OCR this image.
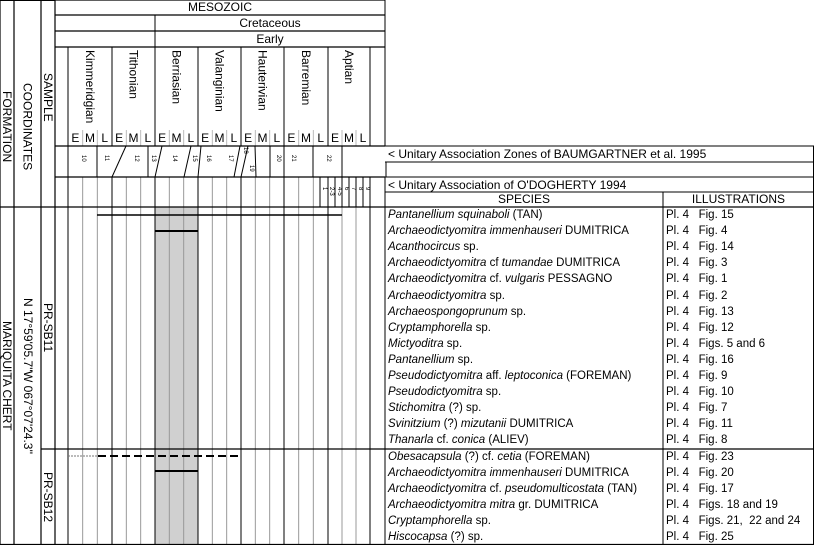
FORMATION COORDINATES SAMPLE
MESOZOIC
Cretaceous
Early
Kimmeridgian
E M L
Tithonian
E M L
Berriasian
E M L
Valanginian
E M L
Hauterivian
E M L
Barremian
E M L
Aptian
E M L
10	11	12 13	14 15 16	17
18
19
20 21	22
1 2-3 4-5 6 7 8 9
< Unitary Association Zones of BAUMGARTNER et al. 1995
< Unitary Association of O'DOGHERTY 1994
SPECIES	ILLUSTRATIONS
MARIQUITA CHERT N 17°59'05.7''
W 067°07'24.3''
PR-SB11
PR-SB12
Pantanellium squinaboli (TAN)	Pl. 4   Fig. 15
Archaeodictyomitra immenhauseri DUMITRICA	Pl. 4   Fig. 4
Acanthocircus sp.	Pl. 4   Fig. 14
Archaeodictyomitra cf tumandae DUMITRICA	Pl. 4   Fig. 3
Archaeodictyomitra cf. vulgaris PESSAGNO	Pl. 4   Fig. 1
Archaeodictyomitra sp.	Pl. 4   Fig. 2
Archaeospongoprunum sp.	Pl. 4   Fig. 13
Cryptamphorella sp.	Pl. 4   Fig. 12
Mictyoditra sp.	Pl. 4   Figs. 5 and 6
Pantanellium sp.	Pl. 4   Fig. 16
Pseudodictyomitra aff. leptoconica (FOREMAN)	Pl. 4   Fig. 9
Pseudodictyomitra sp.	Pl. 4   Fig. 10
Stichomitra (?) sp.	Pl. 4   Fig. 7
Svinitzium (?) mizutanii DUMITRICA	Pl. 4   Fig. 11
Thanarla cf. conica (ALIEV)	Pl. 4   Fig. 8
Obesacapsula (?) cf. cetia (FOREMAN)	Pl. 4   Fig. 23
Archaeodictyomitra immenhauseri DUMITRICA	Pl. 4   Fig. 20
Archaeodictyomitra cf. pseudomulticostata (TAN)	Pl. 4   Fig. 17
Archaeodictyomitra mitra gr. DUMITRICA	Pl. 4   Figs. 18 and 19
Cryptamphorella sp.	Pl. 4   Figs. 21,  22 and 24
Hiscocapsa (?) sp.	Pl. 4   Fig. 25
